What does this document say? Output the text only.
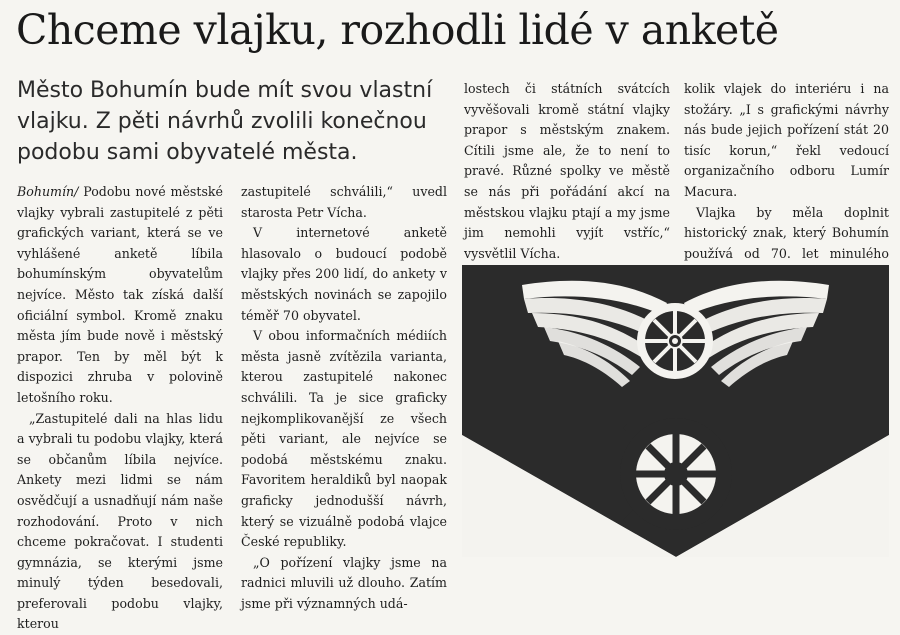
Chceme vlajku, rozhodli lidé v anketě
Město Bohumín bude mít svou vlastní vlajku. Z pěti návrhů zvolili konečnou podobu sami obyvatelé města.

Bohumín/ Podobu nové městské vlajky vybrali zastupitelé z pěti grafických variant, která se ve vyhlášené anketě líbila bohumínským obyvatelům nejvíce. Město tak získá další oficiální symbol. Kromě znaku města jím bude nově i městský prapor. Ten by měl být k dispozici zhruba v polovině letošního roku.

„Zastupitelé dali na hlas lidu a vybrali tu podobu vlajky, která se občanům líbila nejvíce. Ankety mezi lidmi se nám osvědčují a usnadňují nám naše rozhodování. Proto v nich chceme pokračovat. I studenti gymnázia, se kterými jsme minulý týden besedovali, preferovali podobu vlajky, kterou

zastupitelé schválili,“ uvedl starosta Petr Vícha.

V internetové anketě hlasovalo o budoucí podobě vlajky přes 200 lidí, do ankety v městských novinách se zapojilo téměř 70 obyvatel.

V obou informačních médiích města jasně zvítězila varianta, kterou zastupitelé nakonec schválili. Ta je sice graficky nejkomplikovanější ze všech pěti variant, ale nejvíce se podobá městskému znaku. Favoritem heraldiků byl naopak graficky jednodušší návrh, který se vizuálně podobá vlajce České republiky.

„O pořízení vlajky jsme na radnici mluvili už dlouho. Zatím jsme při významných udá-

lostech či státních svátcích vyvěšovali kromě státní vlajky prapor s městským znakem. Cítili jsme ale, že to není to pravé. Různé spolky ve městě se nás při pořádání akcí na městskou vlajku ptají a my jsme jim nemohli vyjít vstříc,“ vysvětlil Vícha.

kolik vlajek do interiéru i na stožáry. „I s grafickými návrhy nás bude jejich pořízení stát 20 tisíc korun,“ řekl vedoucí organizačního odboru Lumír Macura.

Vlajka by měla doplnit historický znak, který Bohumín používá od 70. let minulého
